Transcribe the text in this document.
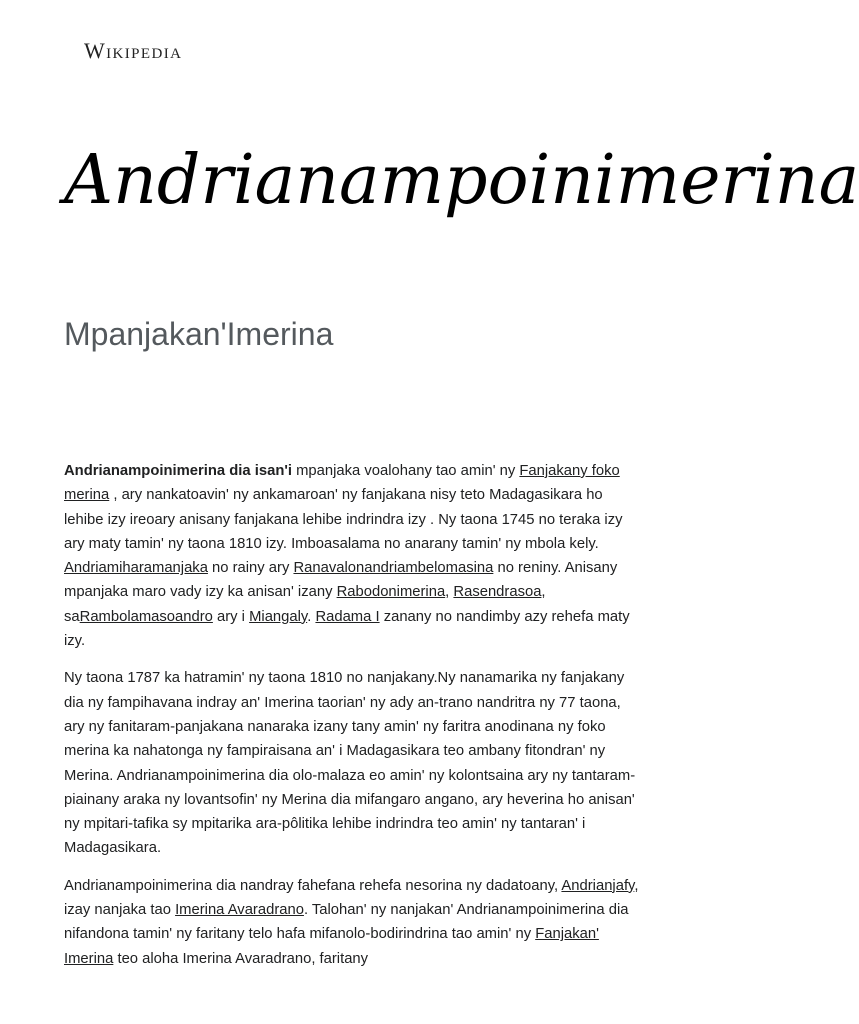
Wikipedia
Andrianampoinimerina
Mpanjakan'Imerina

Andrianampoinimerina dia isan'i mpanjaka voalohany tao amin' ny Fanjakany foko merina , ary nankatoavin' ny ankamaroan' ny fanjakana nisy teto Madagasikara ho lehibe izy ireoary anisany fanjakana lehibe indrindra izy . Ny taona 1745 no teraka izy ary maty tamin' ny taona 1810 izy. Imboasalama no anarany tamin' ny mbola kely. Andriamiharamanjaka no rainy ary Ranavalonandriambelomasina no reniny. Anisany mpanjaka maro vady izy ka anisan' izany Rabodonimerina, Rasendrasoa, saRambolamasoandro ary i Miangaly. Radama I zanany no nandimby azy rehefa maty izy.

Ny taona 1787 ka hatramin' ny taona 1810 no nanjakany.Ny nanamarika ny fanjakany dia ny fampihavana indray an' Imerina taorian' ny ady an-trano nandritra ny 77 taona, ary ny fanitaram-panjakana nanaraka izany tany amin' ny faritra anodinana ny foko merina ka nahatonga ny fampiraisana an' i Madagasikara teo ambany fitondran' ny Merina. Andrianampoinimerina dia olo-malaza eo amin' ny kolontsaina ary ny tantaram-piainany araka ny lovantsofin' ny Merina dia mifangaro angano, ary heverina ho anisan' ny mpitari-tafika sy mpitarika ara-pôlitika lehibe indrindra teo amin' ny tantaran' i Madagasikara.

Andrianampoinimerina dia nandray fahefana rehefa nesorina ny dadatoany, Andrianjafy, izay nanjaka tao Imerina Avaradrano. Talohan' ny nanjakan' Andrianampoinimerina dia nifandona tamin' ny faritany telo hafa mifanolo-bodirindrina tao amin' ny Fanjakan' Imerina teo aloha Imerina Avaradrano, faritany
